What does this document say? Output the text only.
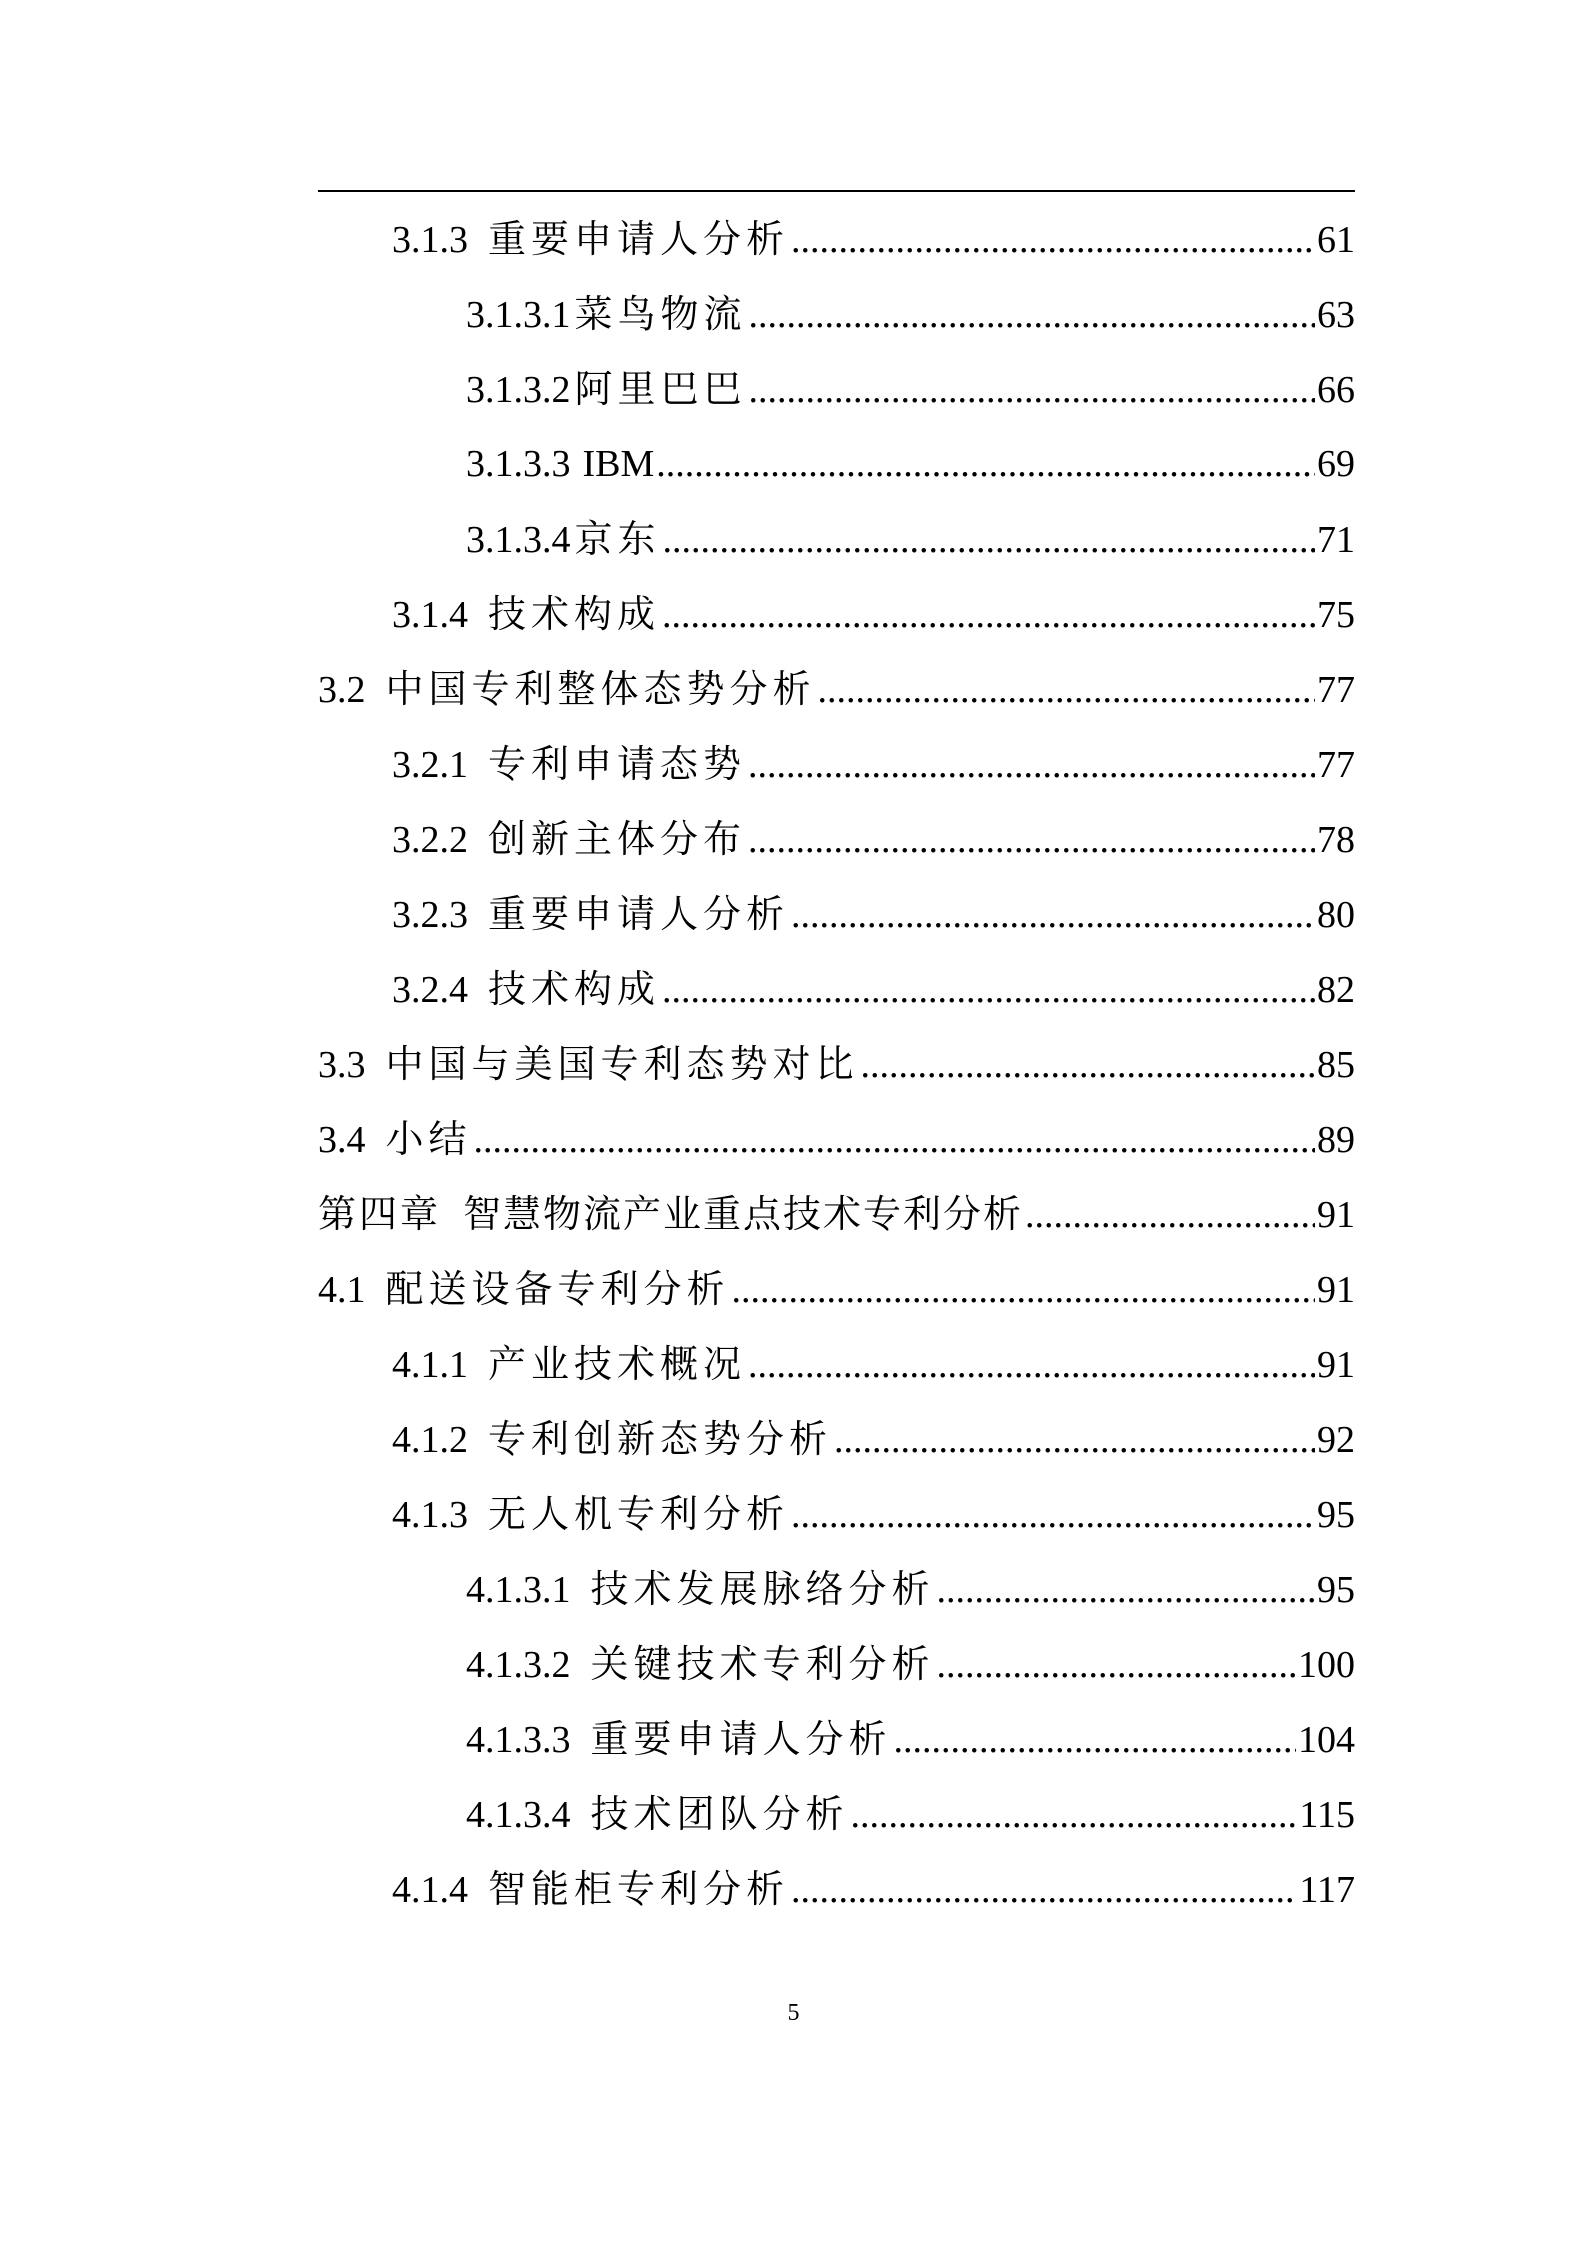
3.1.3 重要申请人分析 .....	61
3.1.3.1 菜鸟物流 .....	63
3.1.3.2 阿里巴巴 .....	66
3.1.3.3 IBM .....	69
3.1.3.4 京东 .....	71
3.1.4 技术构成 .....	75
3.2 中国专利整体态势分析 .....	77
3.2.1 专利申请态势 .....	77
3.2.2 创新主体分布 .....	78
3.2.3 重要申请人分析 .....	80
3.2.4 技术构成 .....	82
3.3 中国与美国专利态势对比 .....	85
3.4 小结 .....	89
第四章 智慧物流产业重点技术专利分析 .....	91
4.1 配送设备专利分析 .....	91
4.1.1 产业技术概况 .....	91
4.1.2 专利创新态势分析 .....	92
4.1.3 无人机专利分析 .....	95
4.1.3.1 技术发展脉络分析 .....	95
4.1.3.2 关键技术专利分析 .....	100
4.1.3.3 重要申请人分析 .....	104
4.1.3.4 技术团队分析 .....	115
4.1.4 智能柜专利分析 .....	117
5
